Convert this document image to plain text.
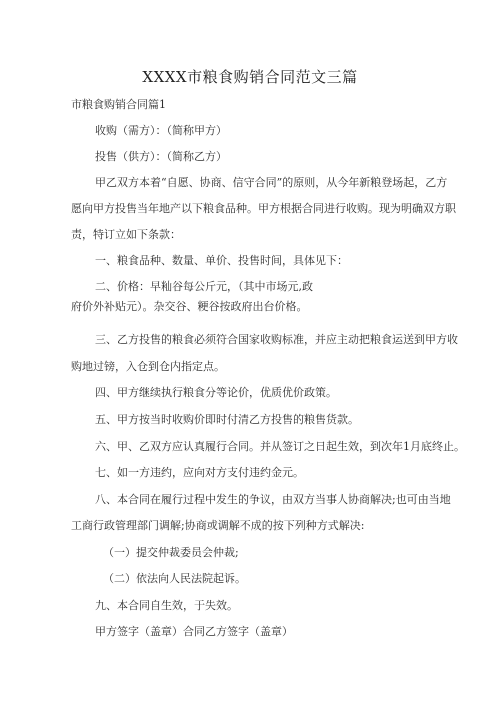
XXXX市粮食购销合同范文三篇
市粮食购销合同篇1
收购（需方）：（简称甲方）
投售（供方）：（简称乙方）
甲乙双方本着“自愿、协商、信守合同”的原则，从今年新粮登场起，乙方
愿向甲方投售当年地产以下粮食品种。甲方根据合同进行收购。现为明确双方职
责，特订立如下条款：
一、粮食品种、数量、单价、投售时间，具体见下：
二、价格：早籼谷每公斤元，（其中市场元,政
府价外补贴元）。杂交谷、粳谷按政府出台价格。
三、乙方投售的粮食必须符合国家收购标准，并应主动把粮食运送到甲方收
购地过镑，入仓到仓内指定点。
四、甲方继续执行粮食分等论价，优质优价政策。
五、甲方按当时收购价即时付清乙方投售的粮售货款。
六、甲、乙双方应认真履行合同。并从签订之日起生效，到次年1月底终止。
七、如一方违约，应向对方支付违约金元。
八、本合同在履行过程中发生的争议，由双方当事人协商解决;也可由当地
工商行政管理部门调解;协商或调解不成的按下列种方式解决:
（一）提交仲裁委员会仲裁;
（二）依法向人民法院起诉。
九、本合同自生效，于失效。
甲方签字（盖章）合同乙方签字（盖章）
